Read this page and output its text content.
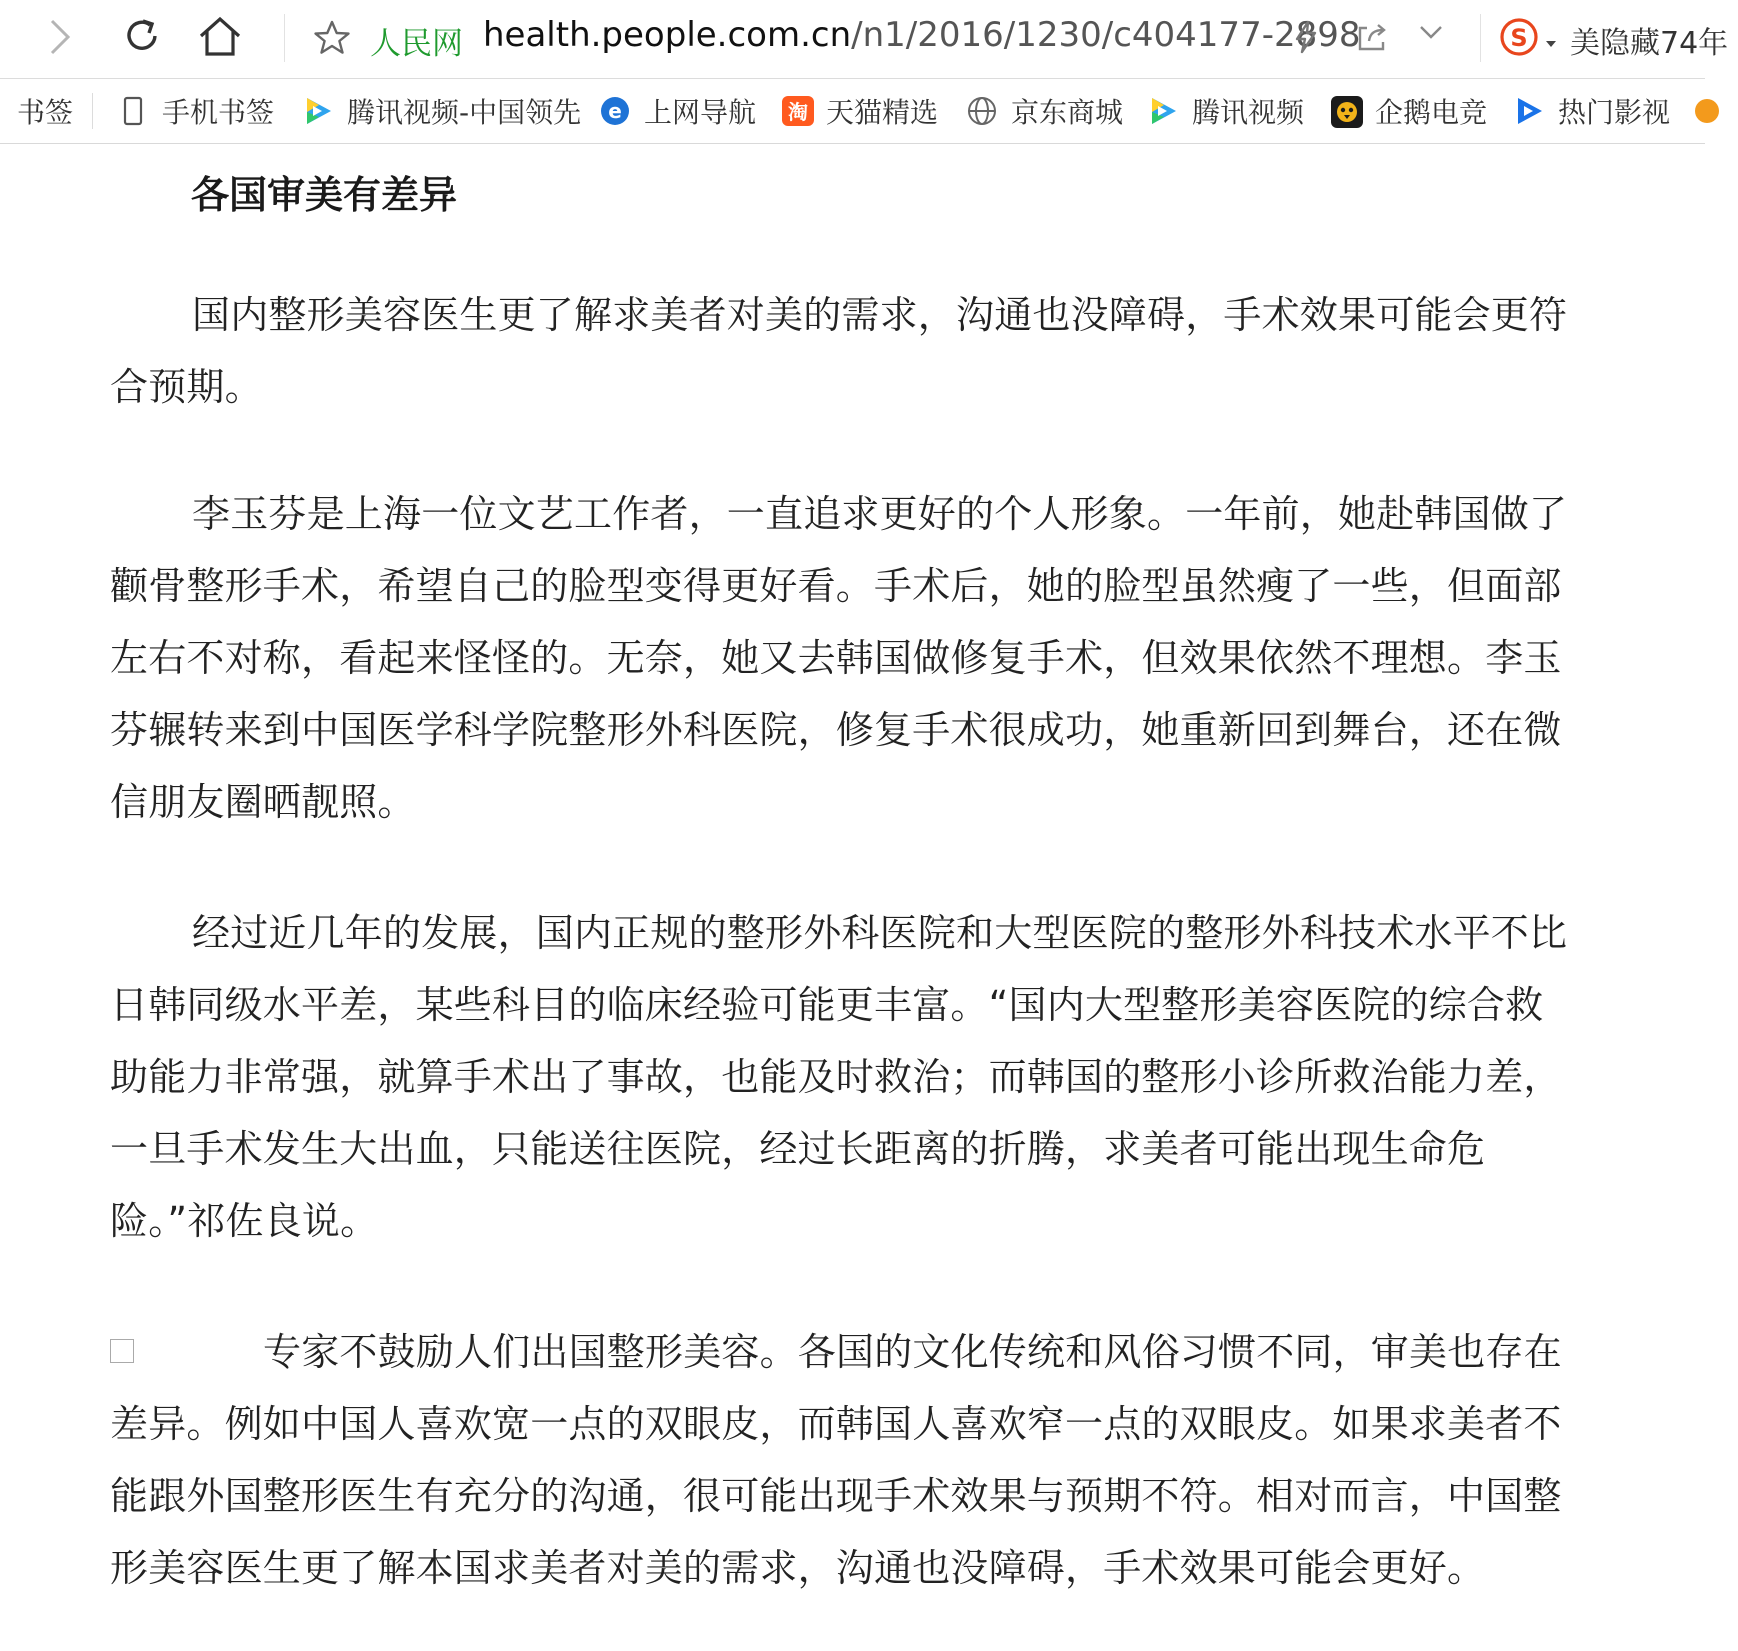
人民网 health.people.com.cn/n1/2016/1230/c404177-2898	S 美隐藏74年
书签	手机书签	腾讯视频-中国领先 e 上网导航 淘 天猫精选	京东商城 腾讯视频	企鹅电竞	热门影视
各国审美有差异

国内整形美容医生更了解求美者对美的需求，沟通也没障碍，手术效果可能会更符合预期。

李玉芬是上海一位文艺工作者，一直追求更好的个人形象。一年前，她赴韩国做了颧骨整形手术，希望自己的脸型变得更好看。手术后，她的脸型虽然瘦了一些，但面部左右不对称，看起来怪怪的。无奈，她又去韩国做修复手术，但效果依然不理想。李玉芬辗转来到中国医学科学院整形外科医院，修复手术很成功，她重新回到舞台，还在微信朋友圈晒靓照。

经过近几年的发展，国内正规的整形外科医院和大型医院的整形外科技术水平不比日韩同级水平差，某些科目的临床经验可能更丰富。“国内大型整形美容医院的综合救助能力非常强，就算手术出了事故，也能及时救治；而韩国的整形小诊所救治能力差，一旦手术发生大出血，只能送往医院，经过长距离的折腾，求美者可能出现生命危险。”祁佐良说。

专家不鼓励人们出国整形美容。各国的文化传统和风俗习惯不同，审美也存在差异。例如中国人喜欢宽一点的双眼皮，而韩国人喜欢窄一点的双眼皮。如果求美者不能跟外国整形医生有充分的沟通，很可能出现手术效果与预期不符。相对而言，中国整形美容医生更了解本国求美者对美的需求，沟通也没障碍，手术效果可能会更好。
